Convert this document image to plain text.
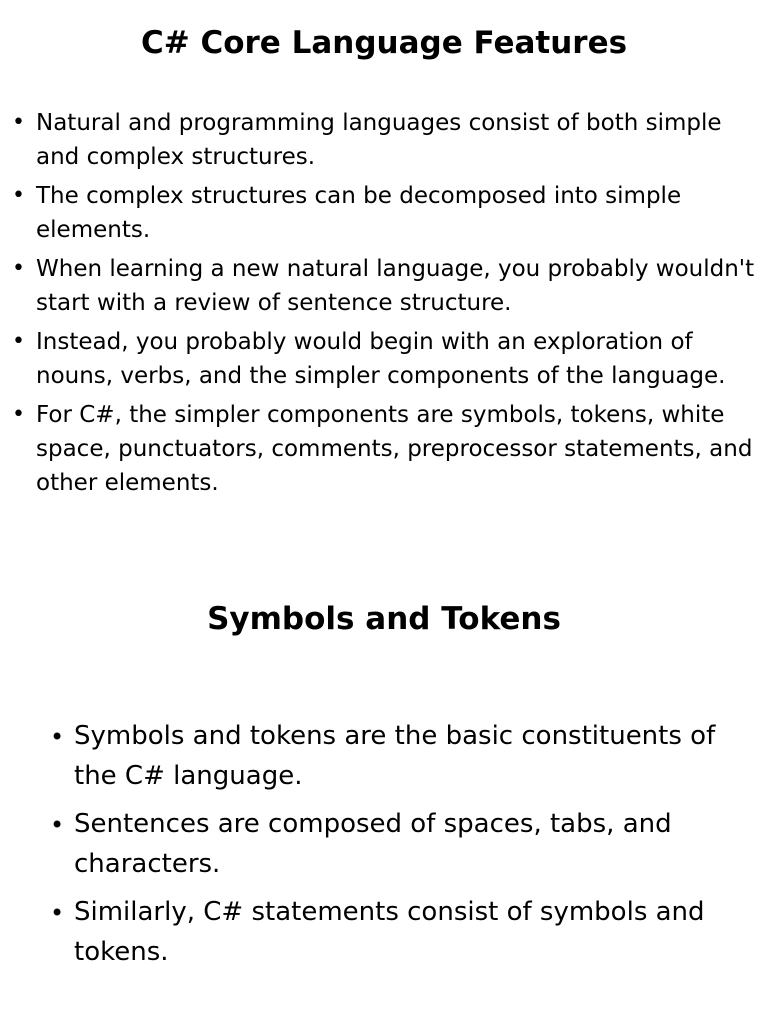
C# Core Language Features
• Natural and programming languages consist of both simple and complex structures.
• The complex structures can be decomposed into simple elements.
• When learning a new natural language, you probably wouldn't start with a review of sentence structure.
• Instead, you probably would begin with an exploration of nouns, verbs, and the simpler components of the language.
• For C#, the simpler components are symbols, tokens, white space, punctuators, comments, preprocessor statements, and other elements.
Symbols and Tokens
• Symbols and tokens are the basic constituents of the C# language.
• Sentences are composed of spaces, tabs, and characters.
• Similarly, C# statements consist of symbols and tokens.
